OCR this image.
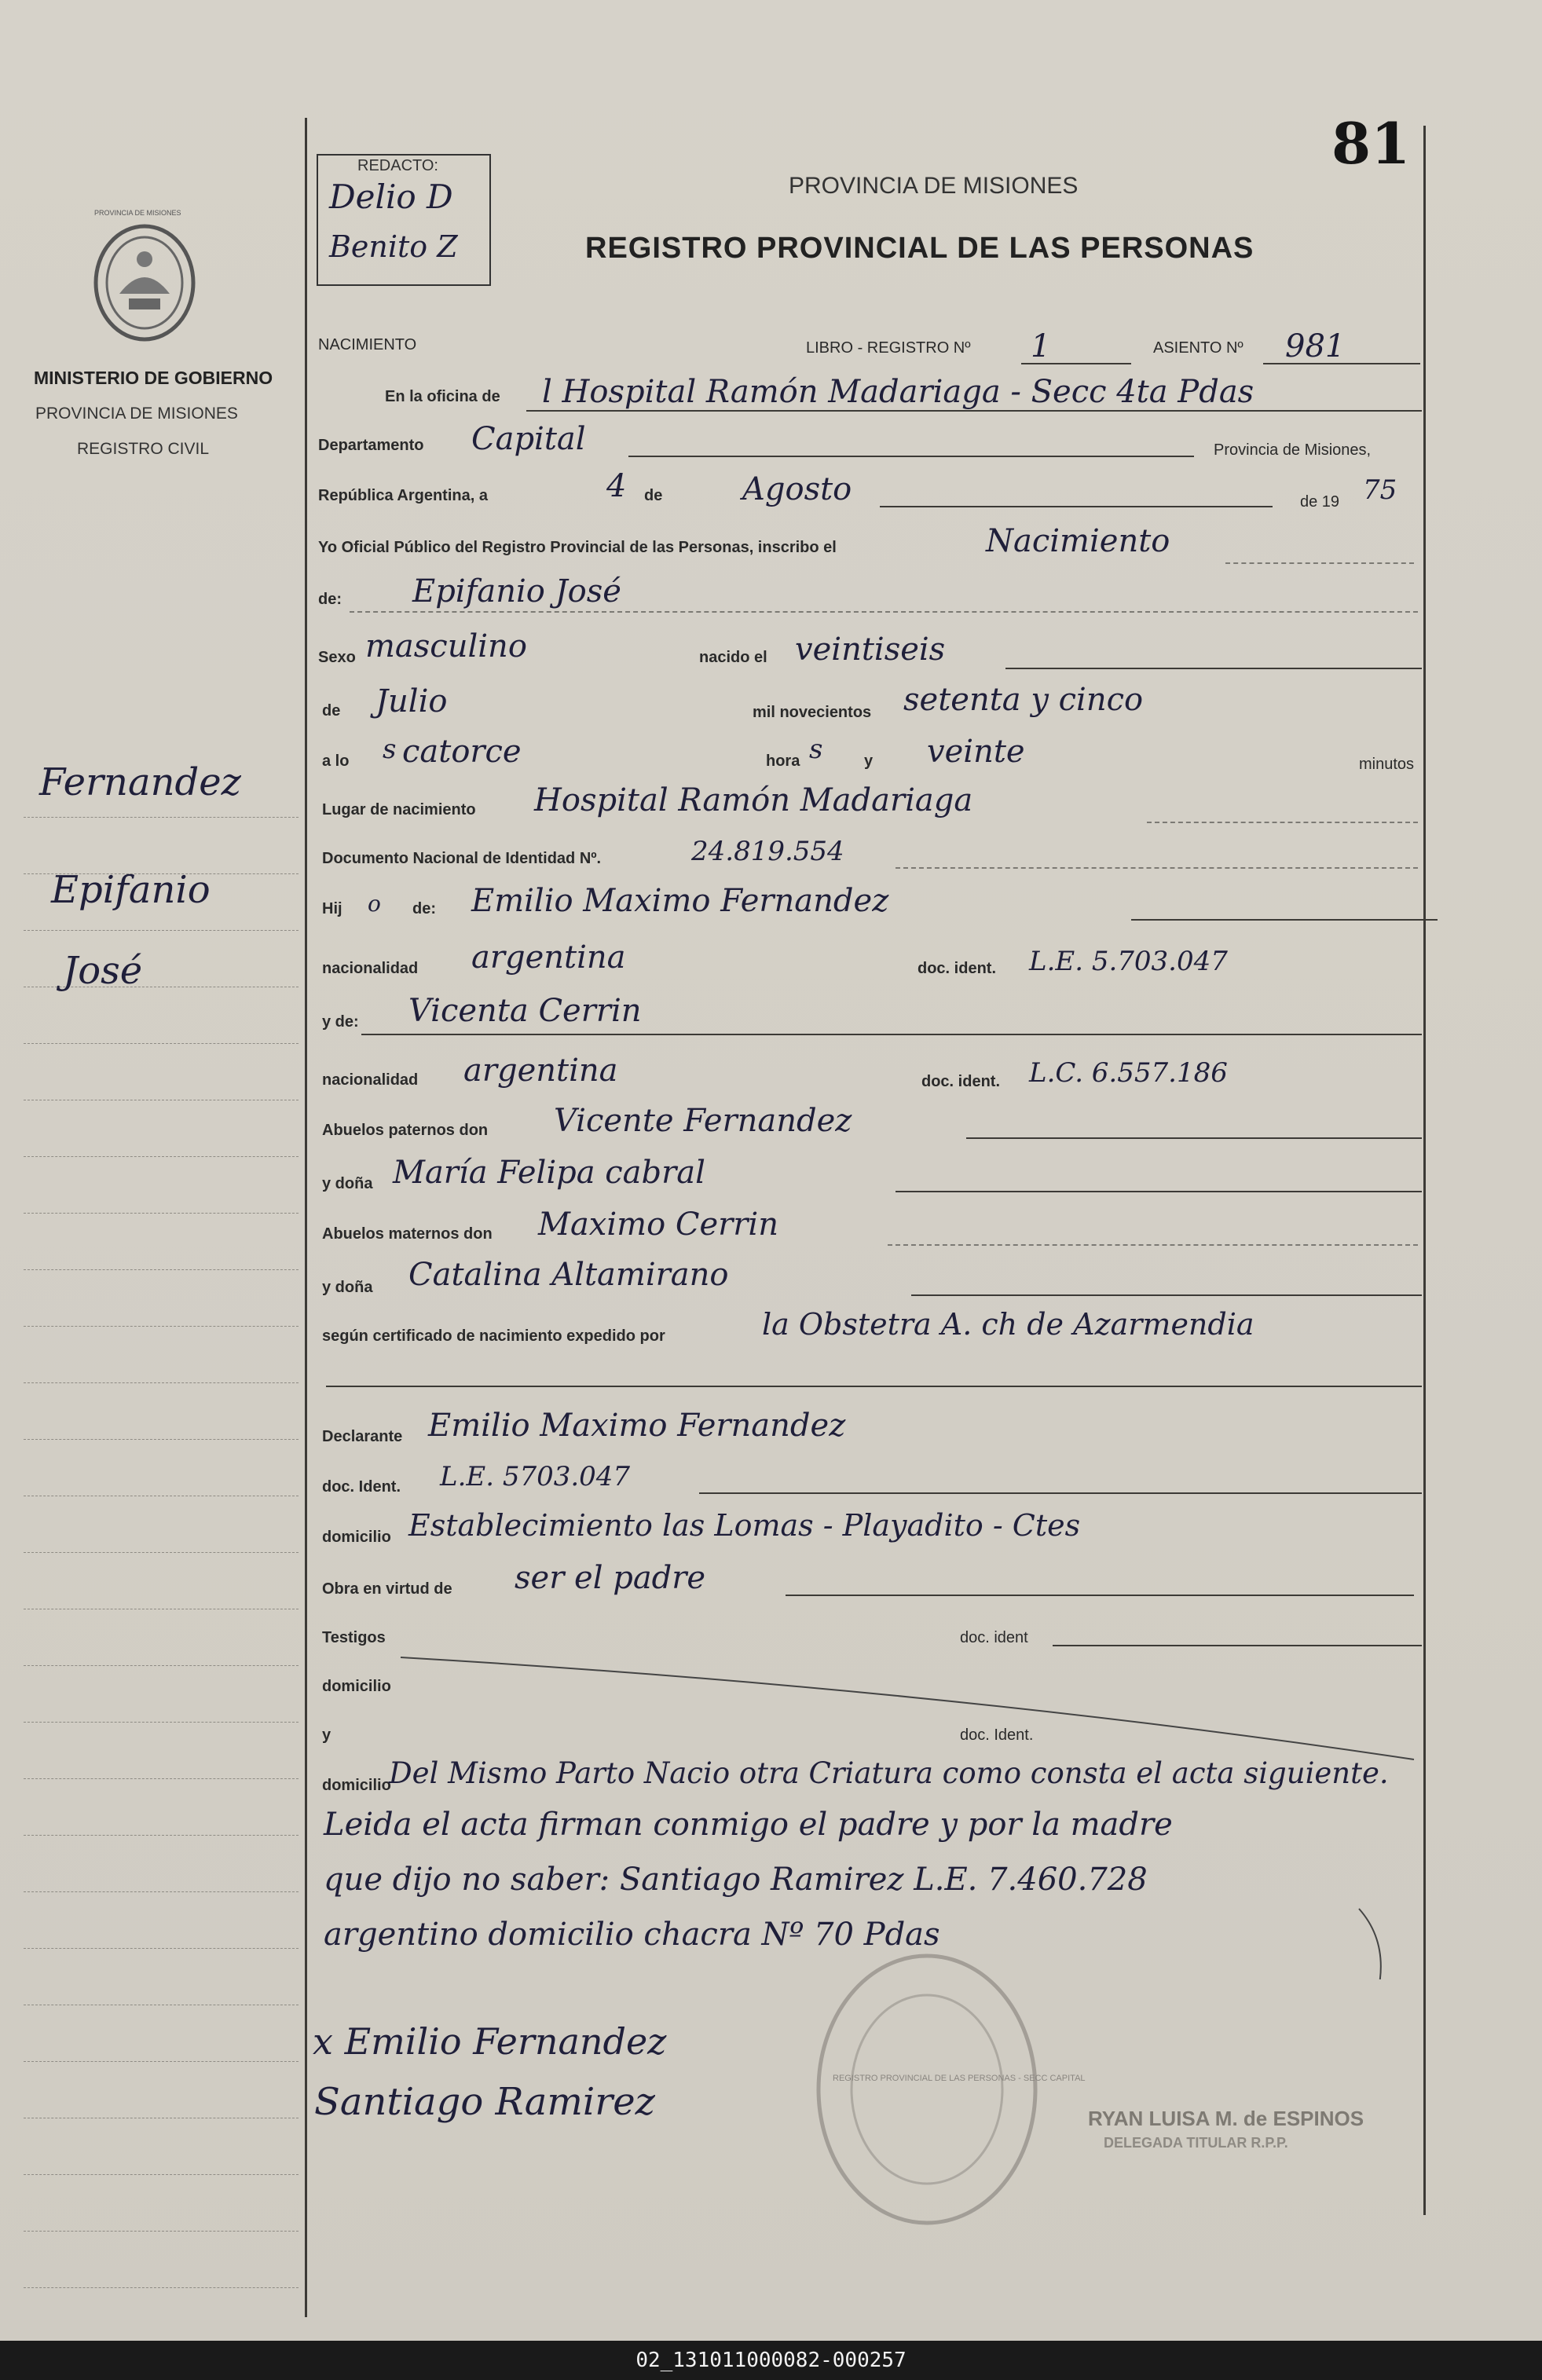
81
REDACTO:
Delio D
Benito Z
PROVINCIA DE MISIONES
REGISTRO PROVINCIAL DE LAS PERSONAS
PROVINCIA DE MISIONES
MINISTERIO DE GOBIERNO
PROVINCIA DE MISIONES
REGISTRO CIVIL
Fernandez
Epifanio
José
NACIMIENTO	LIBRO - REGISTRO Nº 1	ASIENTO Nº 981
En la oficina de l Hospital Ramón Madariaga - Secc 4ta Pdas
Departamento Capital	Provincia de Misiones,
República Argentina, a	4 de	Agosto	de 19 75
Yo Oficial Público del Registro Provincial de las Personas, inscribo el	Nacimiento
de: Epifanio José
Sexo masculino	nacido el veintiseis
de Julio	mil novecientos setenta y cinco
a lo s catorce	hora s	y veinte	minutos
Lugar de nacimiento Hospital Ramón Madariaga
Documento Nacional de Identidad Nº.	24.819.554
Hij o de: Emilio Maximo Fernandez
nacionalidad argentina	doc. ident. L.E. 5.703.047
y de: Vicenta Cerrin
nacionalidad argentina	doc. ident. L.C. 6.557.186
Abuelos paternos don Vicente Fernandez
y doña María Felipa cabral
Abuelos maternos don Maximo Cerrin
y doña Catalina Altamirano
según certificado de nacimiento expedido por	la Obstetra A. ch de Azarmendia
Declarante Emilio Maximo Fernandez
doc. Ident. L.E. 5703.047
domicilio Establecimiento las Lomas - Playadito - Ctes
Obra en virtud de ser el padre
Testigos	doc. ident
domicilio
y	doc. Ident.
domicilio
Del Mismo Parto Nacio otra Criatura como consta el acta siguiente.
Leida el acta firman conmigo el padre y por la madre
que dijo no saber: Santiago Ramirez L.E. 7.460.728
argentino domicilio chacra Nº 70 Pdas
REGISTRO PROVINCIAL DE LAS PERSONAS - SECC CAPITAL
RYAN LUISA M. de ESPINOS
DELEGADA TITULAR R.P.P.
x Emilio Fernandez
Santiago Ramirez
02_131011000082-000257
